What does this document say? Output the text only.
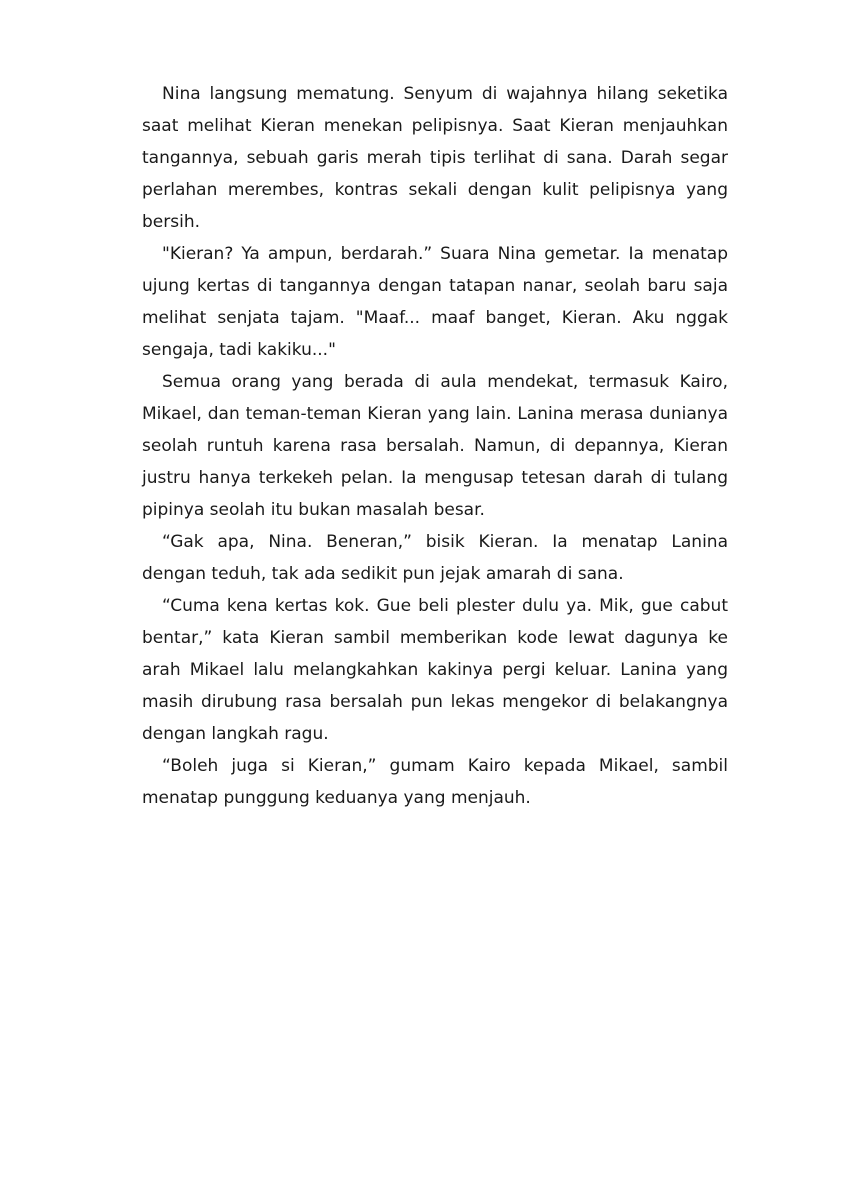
Nina langsung mematung. Senyum di wajahnya hilang seketika saat melihat Kieran menekan pelipisnya. Saat Kieran menjauhkan tangannya, sebuah garis merah tipis terlihat di sana. Darah segar perlahan merembes, kontras sekali dengan kulit pelipisnya yang bersih.

"Kieran? Ya ampun, berdarah.” Suara Nina gemetar. Ia menatap ujung kertas di tangannya dengan tatapan nanar, seolah baru saja melihat senjata tajam. "Maaf... maaf banget, Kieran. Aku nggak sengaja, tadi kakiku..."

Semua orang yang berada di aula mendekat, termasuk Kairo, Mikael, dan teman-teman Kieran yang lain. Lanina merasa dunianya seolah runtuh karena rasa bersalah. Namun, di depannya, Kieran justru hanya terkekeh pelan. Ia mengusap tetesan darah di tulang pipinya seolah itu bukan masalah besar.

“Gak apa, Nina. Beneran,” bisik Kieran. Ia menatap Lanina dengan teduh, tak ada sedikit pun jejak amarah di sana.

“Cuma kena kertas kok. Gue beli plester dulu ya. Mik, gue cabut bentar,” kata Kieran sambil memberikan kode lewat dagunya ke arah Mikael lalu melangkahkan kakinya pergi keluar. Lanina yang masih dirubung rasa bersalah pun lekas mengekor di belakangnya dengan langkah ragu.

“Boleh juga si Kieran,” gumam Kairo kepada Mikael, sambil menatap punggung keduanya yang menjauh.
